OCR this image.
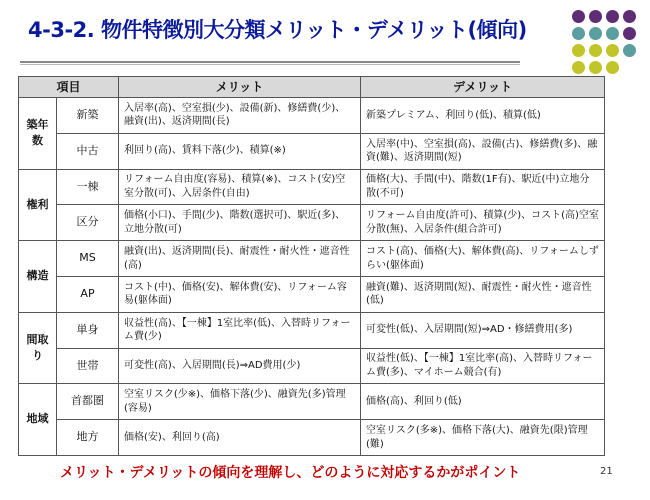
4-3-2. 物件特徴別大分類メリット・デメリット(傾向)
項目		メリット	デメリット
築年数	新築	入居率(高)、空室損(少)、設備(新)、修繕費(少)、融資(出)、返済期間(長)	新築プレミアム、利回り(低)、積算(低)
	中古	利回り(高)、賃料下落(少)、積算(※)	入居率(中)、空室損(高)、設備(古)、修繕費(多)、融資(難)、返済期間(短)
権利	一棟	リフォーム自由度(容易)、積算(※)、コスト(安)空室分散(可)、入居条件(自由)	価格(大)、手間(中)、階数(1F有)、駅近(中)立地分散(不可)
	区分	価格(小口)、手間(少)、階数(選択可)、駅近(多)、立地分散(可)	リフォーム自由度(許可)、積算(少)、コスト(高)空室分散(無)、入居条件(組合許可)
構造	MS	融資(出)、返済期間(長)、耐震性・耐火性・遮音性(高)	コスト(高)、価格(大)、解体費(高)、リフォームしずらい(躯体面)
	AP	コスト(中)、価格(安)、解体費(安)、リフォーム容易(躯体面)	融資(難)、返済期間(短)、耐震性・耐火性・遮音性(低)
間取り	単身	収益性(高)、【一棟】1室比率(低)、入替時リフォーム費(少)	可変性(低)、入居期間(短)⇒AD・修繕費用(多)
	世帯	可変性(高)、入居期間(長)⇒AD費用(少)	収益性(低)、【一棟】1室比率(高)、入替時リフォーム費(多)、マイホーム競合(有)
地域	首都圏	空室リスク(少※)、価格下落(少)、融資先(多)管理(容易)	価格(高)、利回り(低)
	地方	価格(安)、利回り(高)	空室リスク(多※)、価格下落(大)、融資先(限)管理(難)
メリット・デメリットの傾向を理解し、どのように対応するかがポイント	21
